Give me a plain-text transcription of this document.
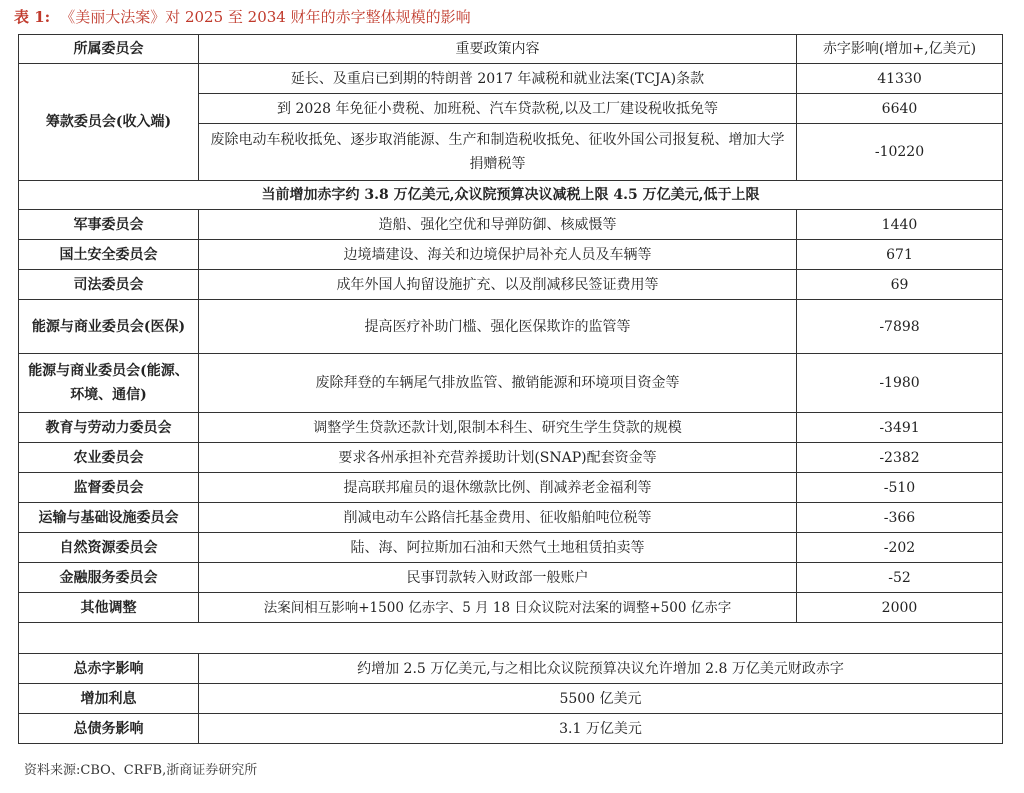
表 1: 《美丽大法案》对 2025 至 2034 财年的赤字整体规模的影响
所属委员会	重要政策内容	赤字影响(增加+,亿美元)
筹款委员会(收入端)	延长、及重启已到期的特朗普 2017 年减税和就业法案(TCJA)条款	41330
	到 2028 年免征小费税、加班税、汽车贷款税,以及工厂建设税收抵免等	6640
	废除电动车税收抵免、逐步取消能源、生产和制造税收抵免、征收外国公司报复税、增加大学捐赠税等	-10220
当前增加赤字约 3.8 万亿美元,众议院预算决议减税上限 4.5 万亿美元,低于上限		
军事委员会	造船、强化空优和导弹防御、核威慑等	1440
国土安全委员会	边境墙建设、海关和边境保护局补充人员及车辆等	671
司法委员会	成年外国人拘留设施扩充、以及削减移民签证费用等	69
能源与商业委员会(医保)	提高医疗补助门槛、强化医保欺诈的监管等	-7898
能源与商业委员会(能源、环境、通信)	废除拜登的车辆尾气排放监管、撤销能源和环境项目资金等	-1980
教育与劳动力委员会	调整学生贷款还款计划,限制本科生、研究生学生贷款的规模	-3491
农业委员会	要求各州承担补充营养援助计划(SNAP)配套资金等	-2382
监督委员会	提高联邦雇员的退休缴款比例、削减养老金福利等	-510
运输与基础设施委员会	削减电动车公路信托基金费用、征收船舶吨位税等	-366
自然资源委员会	陆、海、阿拉斯加石油和天然气土地租赁拍卖等	-202
金融服务委员会	民事罚款转入财政部一般账户	-52
其他调整	法案间相互影响+1500 亿赤字、5 月 18 日众议院对法案的调整+500 亿赤字	2000

总赤字影响	约增加 2.5 万亿美元,与之相比众议院预算决议允许增加 2.8 万亿美元财政赤字	
增加利息	5500 亿美元	
总债务影响	3.1 万亿美元	
资料来源:CBO、CRFB,浙商证券研究所
